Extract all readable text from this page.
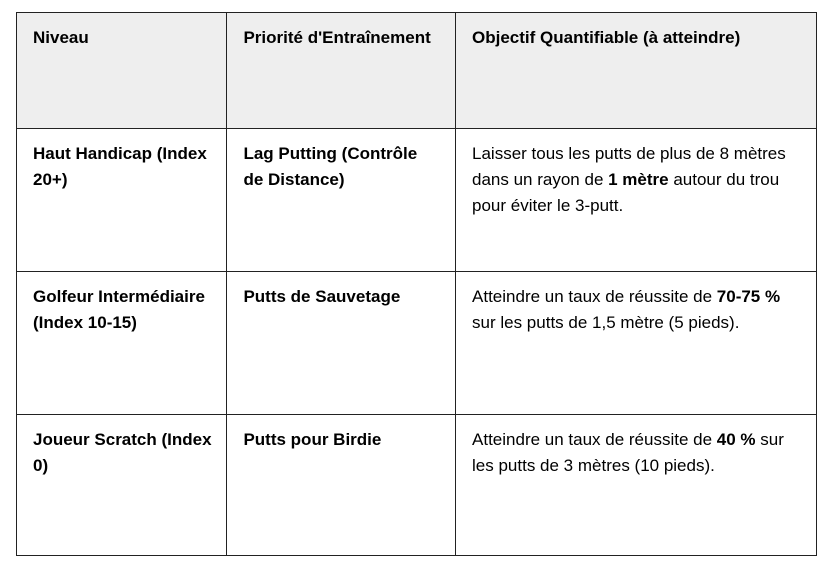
Niveau	Priorité d'Entraînement	Objectif Quantifiable (à atteindre)
Haut Handicap (Index 20+)	Lag Putting (Contrôle de Distance)	Laisser tous les putts de plus de 8 mètres dans un rayon de 1 mètre autour du trou pour éviter le 3-putt.
Golfeur Intermédiaire (Index 10-15)	Putts de Sauvetage	Atteindre un taux de réussite de 70-75 % sur les putts de 1,5 mètre (5 pieds).
Joueur Scratch (Index 0)	Putts pour Birdie	Atteindre un taux de réussite de 40 % sur les putts de 3 mètres (10 pieds).
